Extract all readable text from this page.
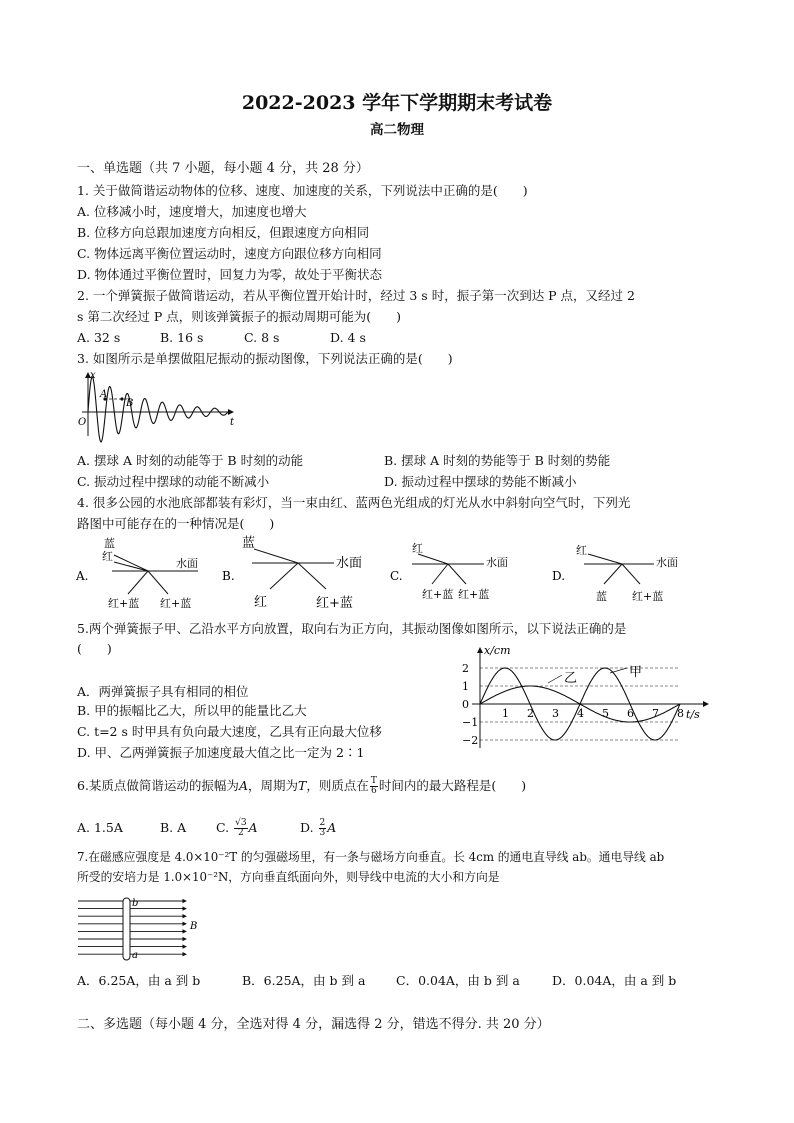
2022-2023 学年下学期期末考试卷
高二物理
一、单选题（共 7 小题，每小题 4 分，共 28 分）
1. 关于做简谐运动物体的位移、速度、加速度的关系，下列说法中正确的是(　　)
A. 位移减小时，速度增大，加速度也增大
B. 位移方向总跟加速度方向相反，但跟速度方向相同
C. 物体远离平衡位置运动时，速度方向跟位移方向相同
D. 物体通过平衡位置时，回复力为零，故处于平衡状态
2. 一个弹簧振子做简谐运动，若从平衡位置开始计时，经过 3 s 时，振子第一次到达 P 点，又经过 2
s 第二次经过 P 点，则该弹簧振子的振动周期可能为(　　)
A. 32 s	B. 16 s	C. 8 s	D. 4 s
3. 如图所示是单摆做阻尼振动的振动图像，下列说法正确的是(　　)
x
t
O
A
B
A. 摆球 A 时刻的动能等于 B 时刻的动能	B. 摆球 A 时刻的势能等于 B 时刻的势能
C. 振动过程中摆球的动能不断减小	D. 振动过程中摆球的势能不断减小
4. 很多公园的水池底部都装有彩灯，当一束由红、蓝两色光组成的灯光从水中斜射向空气时，下列光
路图中可能存在的一种情况是(　　)
A.
蓝
红
水面
红+蓝 红+蓝
B.
蓝
水面
红	红+蓝
C.
红
水面
红+蓝 红+蓝
D.
红
水面
蓝 红+蓝
5.两个弹簧振子甲、乙沿水平方向放置，取向右为正方向，其振动图像如图所示，以下说法正确的是
(　　)
A．两弹簧振子具有相同的相位
B. 甲的振幅比乙大，所以甲的能量比乙大
C. t=2 s 时甲具有负向最大速度，乙具有正向最大位移
D. 甲、乙两弹簧振子加速度最大值之比一定为 2∶1
2
1
0
−1
−2
1 2 3 4 5 6 7 8
x/cm
t/s
甲
乙
6.某质点做简谐运动的振幅为A，周期为T，则质点在 $\frac{T}{6}$ 时间内的最大路程是(　　)
A. 1.5A	B. A C. $\frac{√3}{2}$ A	D. $\frac{2}{3}$ A
7.在磁感应强度是 4.0×10⁻²T 的匀强磁场里，有一条与磁场方向垂直。长 4cm 的通电直导线 ab。通电导线 ab
所受的安培力是 1.0×10⁻²N，方向垂直纸面向外，则导线中电流的大小和方向是
b
a
B
A．6.25A，由 a 到 b	B．6.25A，由 b 到 a C．0.04A，由 b 到 a	D．0.04A，由 a 到 b
二、多选题（每小题 4 分，全选对得 4 分，漏选得 2 分，错选不得分. 共 20 分）
